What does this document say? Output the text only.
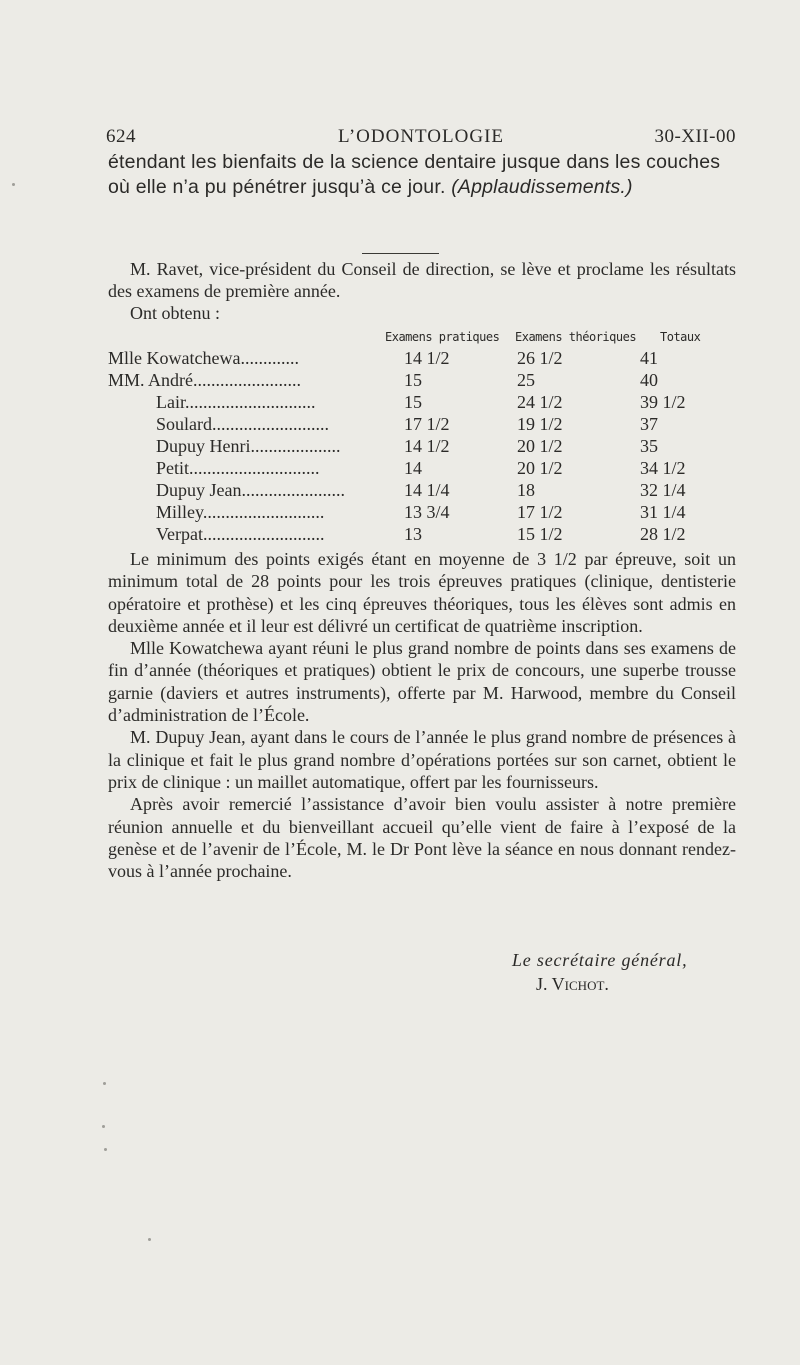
624	L’ODONTOLOGIE	30-XII-00
étendant les bienfaits de la science dentaire jusque dans les couches
où elle n’a pu pénétrer jusqu’à ce jour. (Applaudissements.)
M. Ravet, vice-président du Conseil de direction, se lève et proclame les résultats des examens de première année.
Ont obtenu :
Examens pratiques Examens théoriques Totaux
Mlle Kowatchewa.............	14 1/2	26 1/2	41
MM. André........................	15	25	40
Lair.............................	15	24 1/2	39 1/2
Soulard..........................	17 1/2	19 1/2	37
Dupuy Henri....................	14 1/2	20 1/2	35
Petit.............................	14	20 1/2	34 1/2
Dupuy Jean.......................	14 1/4	18	32 1/4
Milley...........................	13 3/4	17 1/2	31 1/4
Verpat...........................	13	15 1/2	28 1/2

Le minimum des points exigés étant en moyenne de 3 1/2 par épreuve, soit un minimum total de 28 points pour les trois épreuves pratiques (clinique, dentisterie opératoire et prothèse) et les cinq épreuves théoriques, tous les élèves sont admis en deuxième année et il leur est délivré un certificat de quatrième inscription.

Mlle Kowatchewa ayant réuni le plus grand nombre de points dans ses examens de fin d’année (théoriques et pratiques) obtient le prix de concours, une superbe trousse garnie (daviers et autres instruments), offerte par M. Harwood, membre du Conseil d’administration de l’École.

M. Dupuy Jean, ayant dans le cours de l’année le plus grand nombre de présences à la clinique et fait le plus grand nombre d’opérations portées sur son carnet, obtient le prix de clinique : un maillet automatique, offert par les fournisseurs.

Après avoir remercié l’assistance d’avoir bien voulu assister à notre première réunion annuelle et du bienveillant accueil qu’elle vient de faire à l’exposé de la genèse et de l’avenir de l’École, M. le Dr Pont lève la séance en nous donnant rendez-vous à l’année prochaine.

Le secrétaire général,
J. Vichot.
